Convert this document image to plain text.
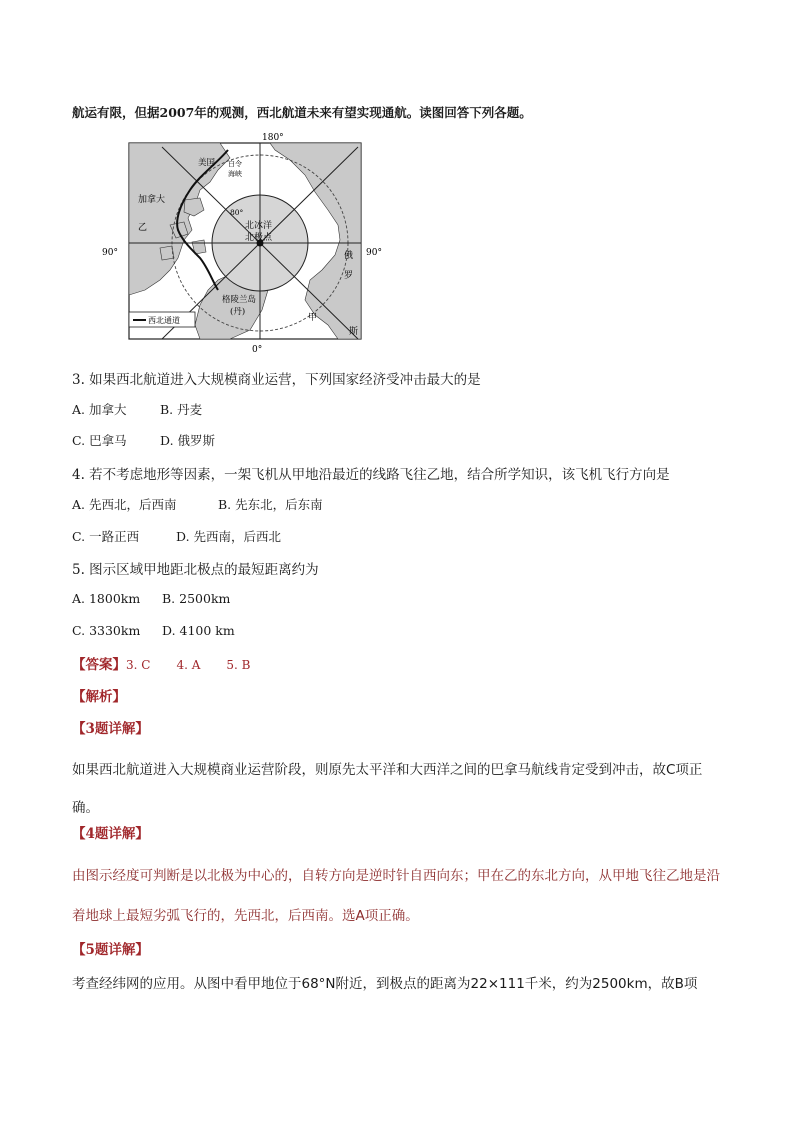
航运有限，但据2007年的观测，西北航道未来有望实现通航。读图回答下列各题。
180°
0°
90°	90°
美国 白令
海峡
加拿大
乙
80°
北冰洋
北极点
俄
罗
斯
甲
格陵兰岛
(丹)
西北通道
3. 如果西北航道进入大规模商业运营，下列国家经济受冲击最大的是
A. 加拿大	B. 丹麦
C. 巴拿马	D. 俄罗斯
4. 若不考虑地形等因素，一架飞机从甲地沿最近的线路飞往乙地，结合所学知识，该飞机飞行方向是
A. 先西北，后西南	B. 先东北，后东南
C. 一路正西	D. 先西南，后西北
5. 图示区域甲地距北极点的最短距离约为
A. 1800km B. 2500km
C. 3330km D. 4100 km
【答案】3. C 4. A 5. B
【解析】
【3题详解】
如果西北航道进入大规模商业运营阶段，则原先太平洋和大西洋之间的巴拿马航线肯定受到冲击，故C项正确。
【4题详解】
由图示经度可判断是以北极为中心的，自转方向是逆时针自西向东；甲在乙的东北方向，从甲地飞往乙地是沿着地球上最短劣弧飞行的，先西北，后西南。选A项正确。
【5题详解】
考查经纬网的应用。从图中看甲地位于68°N附近，到极点的距离为22×111千米，约为2500km，故B项
